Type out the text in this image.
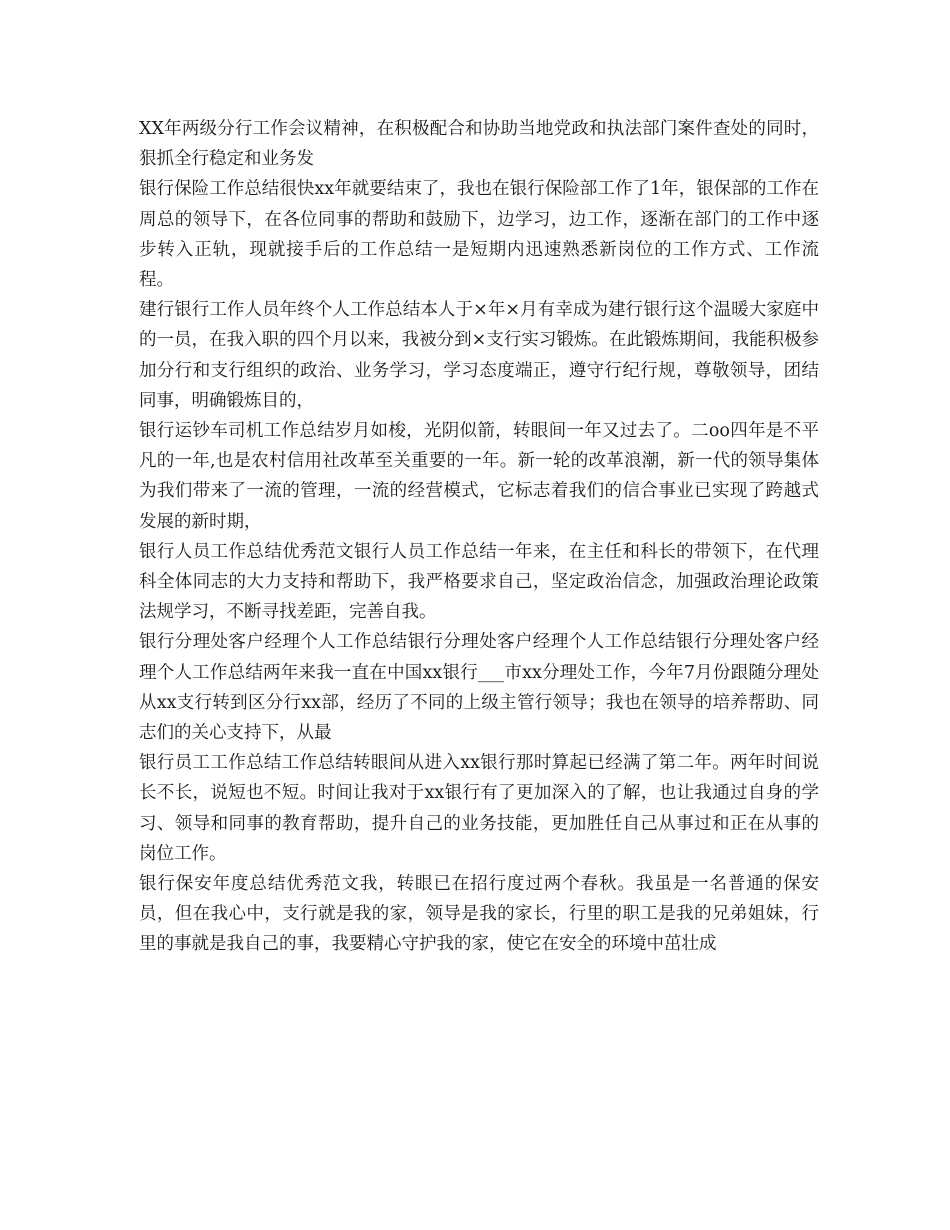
XX年两级分行工作会议精神，在积极配合和协助当地党政和执法部门案件查处的同时，狠抓全行稳定和业务发

银行保险工作总结很快xx年就要结束了，我也在银行保险部工作了1年，银保部的工作在周总的领导下，在各位同事的帮助和鼓励下，边学习，边工作，逐渐在部门的工作中逐步转入正轨，现就接手后的工作总结一是短期内迅速熟悉新岗位的工作方式、工作流程。

建行银行工作人员年终个人工作总结本人于×年×月有幸成为建行银行这个温暖大家庭中的一员，在我入职的四个月以来，我被分到×支行实习锻炼。在此锻炼期间，我能积极参加分行和支行组织的政治、业务学习，学习态度端正，遵守行纪行规，尊敬领导，团结同事，明确锻炼目的，

银行运钞车司机工作总结岁月如梭，光阴似箭，转眼间一年又过去了。二oo四年是不平凡的一年,也是农村信用社改革至关重要的一年。新一轮的改革浪潮，新一代的领导集体为我们带来了一流的管理，一流的经营模式，它标志着我们的信合事业已实现了跨越式发展的新时期，

银行人员工作总结优秀范文银行人员工作总结一年来，在主任和科长的带领下，在代理科全体同志的大力支持和帮助下，我严格要求自己，坚定政治信念，加强政治理论政策法规学习，不断寻找差距，完善自我。

银行分理处客户经理个人工作总结银行分理处客户经理个人工作总结银行分理处客户经理个人工作总结两年来我一直在中国xx银行___市xx分理处工作，今年7月份跟随分理处从xx支行转到区分行xx部，经历了不同的上级主管行领导；我也在领导的培养帮助、同志们的关心支持下，从最

银行员工工作总结工作总结转眼间从进入xx银行那时算起已经满了第二年。两年时间说长不长，说短也不短。时间让我对于xx银行有了更加深入的了解，也让我通过自身的学习、领导和同事的教育帮助，提升自己的业务技能，更加胜任自己从事过和正在从事的岗位工作。

银行保安年度总结优秀范文我，转眼已在招行度过两个春秋。我虽是一名普通的保安员，但在我心中，支行就是我的家，领导是我的家长，行里的职工是我的兄弟姐妹，行里的事就是我自己的事，我要精心守护我的家，使它在安全的环境中茁壮成
